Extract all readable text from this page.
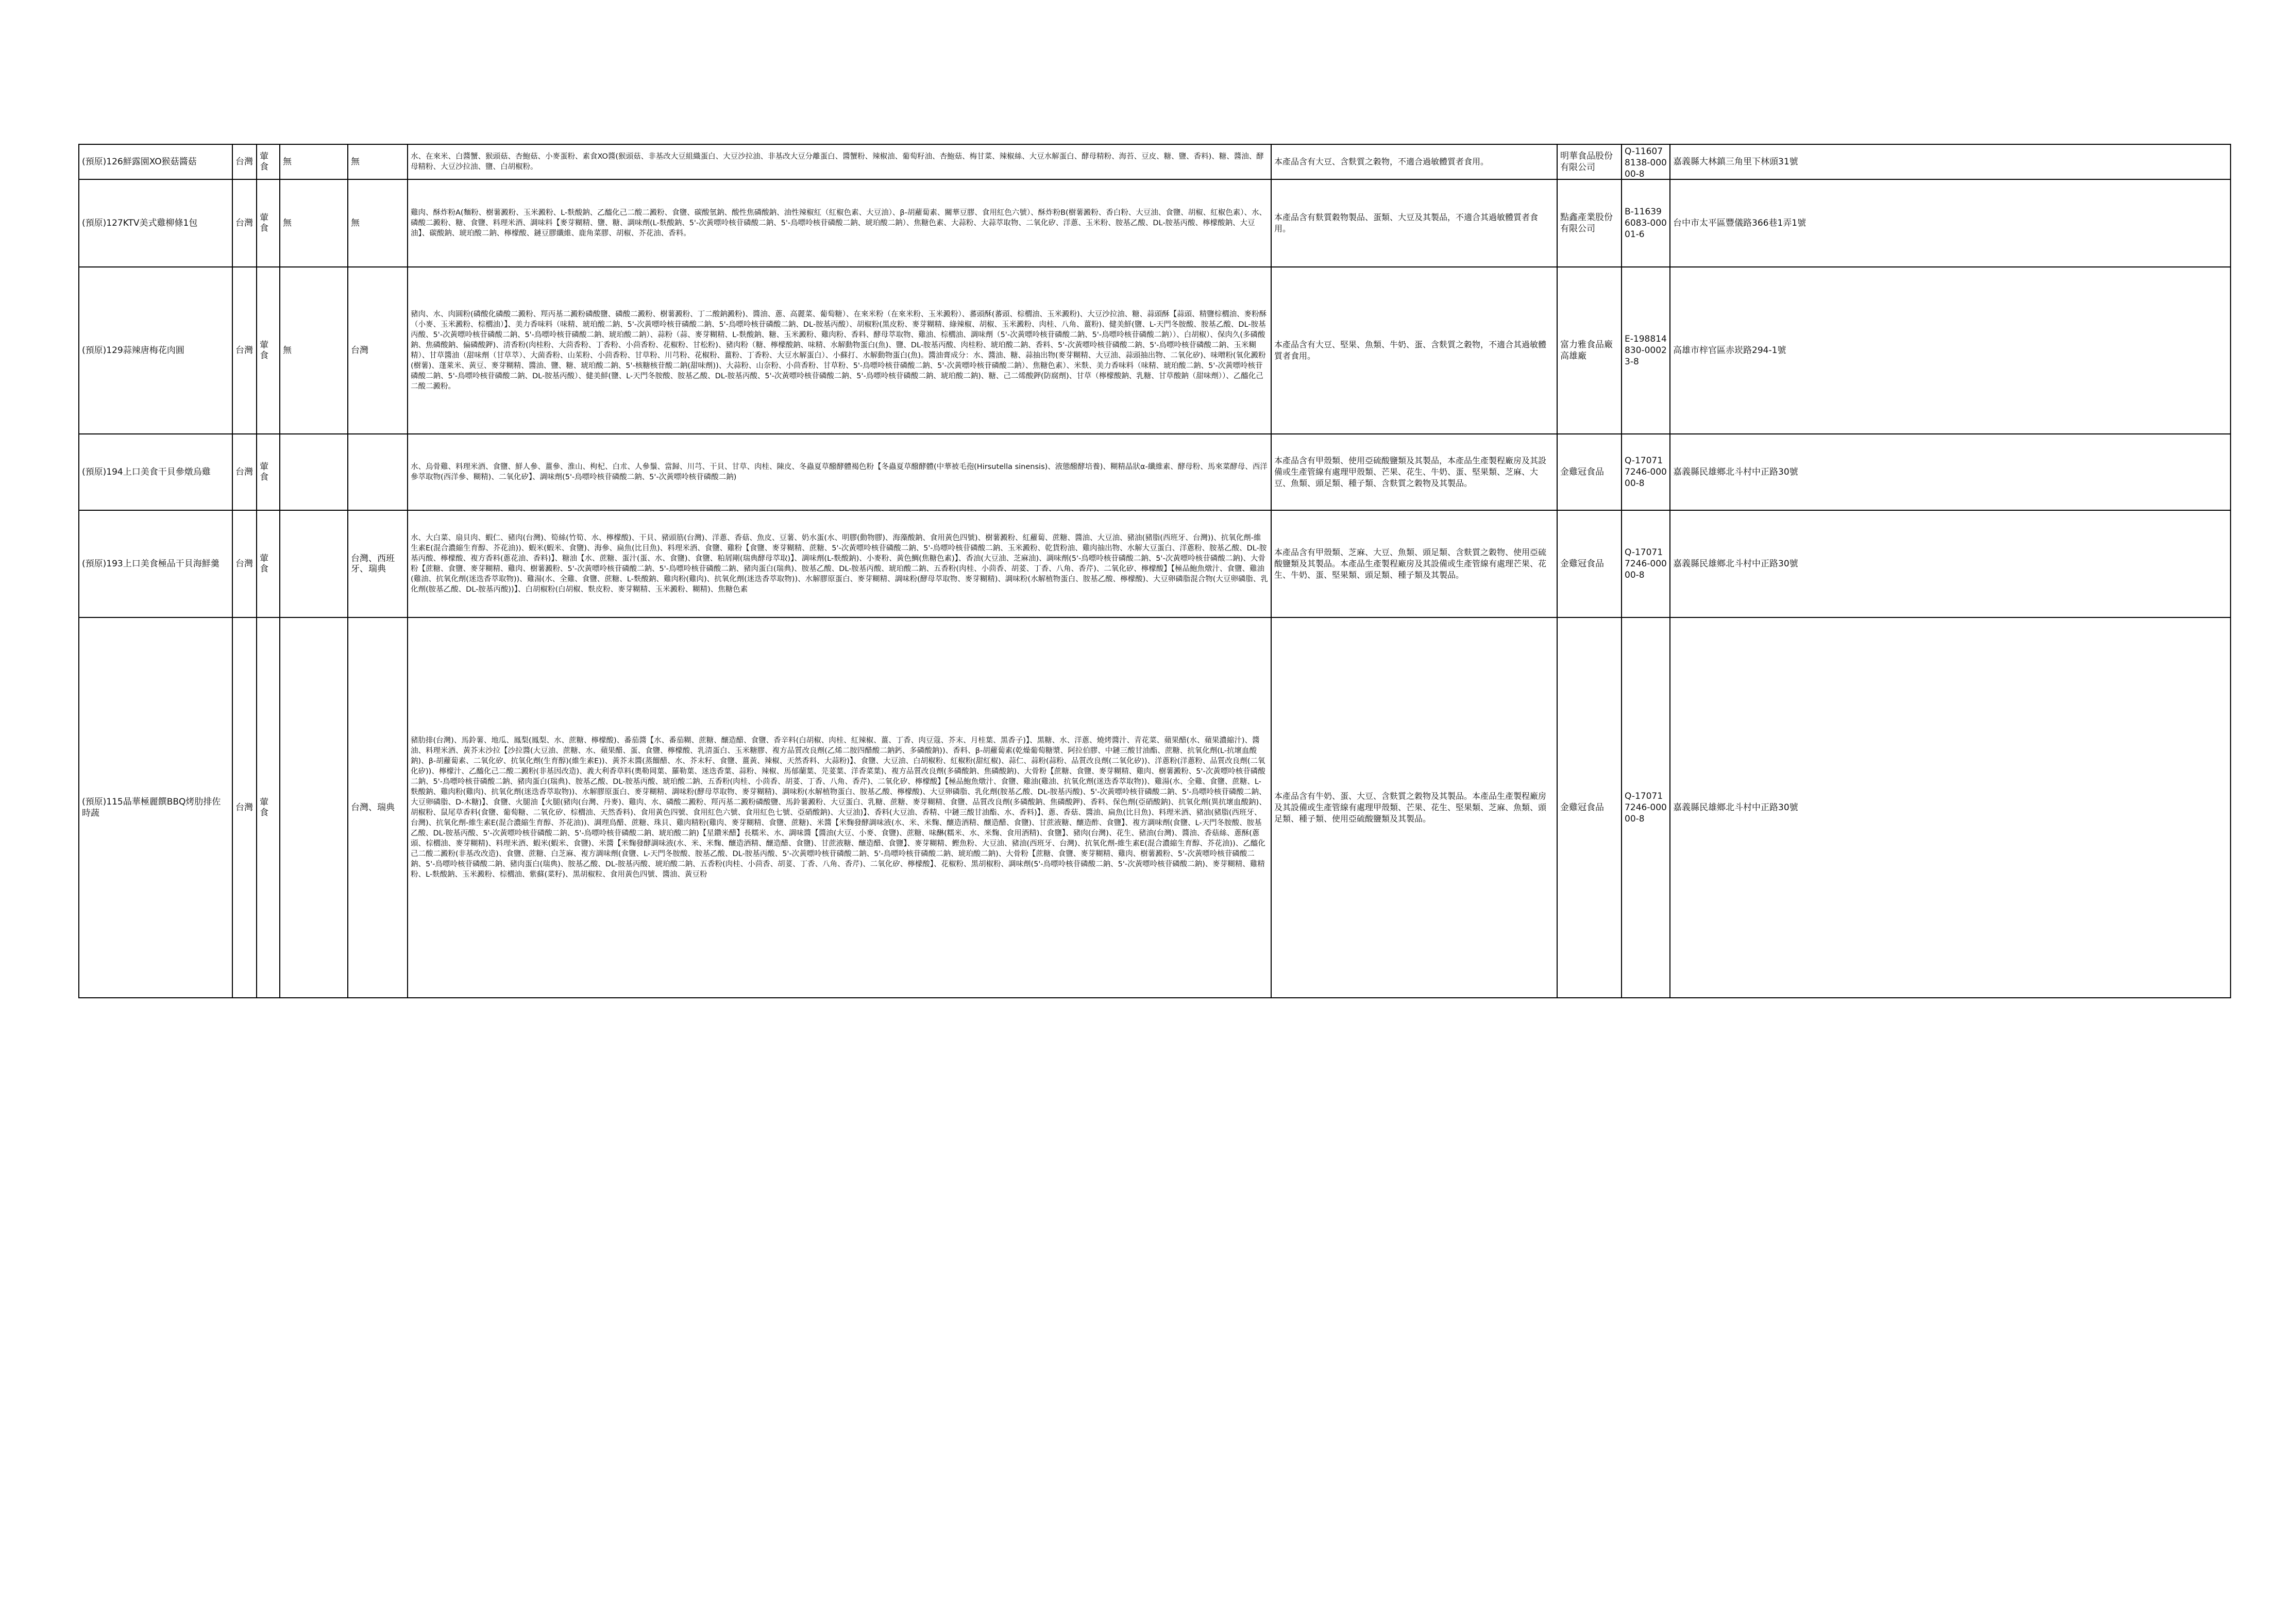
(預原)126鮮露園XO猴菇醬菇	台灣	葷食	無	無	水、在來米、白醬蟹、猴頭菇、杏鮑菇、小麥蛋粉、素食XO醬(猴頭菇、非基改大豆組織蛋白、大豆沙拉油、非基改大豆分離蛋白、醬蟹粉、辣椒油、葡萄籽油、杏鮑菇、梅甘菜、辣椒絲、大豆水解蛋白、酵母精粉、海苔、豆皮、糖、鹽、香料)、糖、醬油、酵母精粉、大豆沙拉油、鹽、白胡椒粉。	本產品含有大豆、含麩質之穀物，不適合過敏體質者食用。	明華食品股份有限公司	Q-116078138-00000-8	嘉義縣大林鎮三角里下林頭31號

(預原)127KTV美式雞柳條1包	台灣	葷食	無	無	雞肉、酥炸粉A(麵粉、樹薯澱粉、玉米澱粉、L-麩酸鈉、乙醯化己二酸二澱粉、食鹽、碳酸氫鈉、酸性焦磷酸鈉、油性辣椒紅（紅椒色素、大豆油）、β-胡蘿蔔素、關華豆膠、食用紅色六號）、酥炸粉B(樹薯澱粉、香白粉、大豆油、食鹽、胡椒、紅椒色素）、水、磷酸二澱粉、糖、食鹽、料理米酒、調味料【麥芽糊精、鹽、糖、調味劑(L-麩酸鈉、5'-次黃嘌呤核苷磷酸二鈉、5'-鳥嘌呤核苷磷酸二鈉、琥珀酸二鈉）、焦糖色素、大蒜粉、大蒜萃取物、二氧化矽、洋蔥、玉米粉、胺基乙酸、DL-胺基丙酸、檸檬酸鈉、大豆油】、碳酸鈉、琥珀酸二鈉、檸檬酸、鏈豆膠纖維、鹿角菜膠、胡椒、芥花油、香料。	本產品含有麩質穀物製品、蛋類、大豆及其製品，不適合其過敏體質者食用。	點鑫產業股份有限公司	B-116396083-00001-6	台中市太平區豐儀路366巷1弄1號

(預原)129蒜辣唐梅花肉圓	台灣	葷食	無	台灣	豬肉、水、肉圓粉(磷酸化磷酸二澱粉、羥丙基二澱粉磷酸鹽、磷酸二澱粉、樹薯澱粉、丁二酸鈉澱粉)、醬油、蔥、高麗菜、葡萄糖）、在來米粉（在來米粉、玉米澱粉）、蕃頭酥(蕃頭、棕櫚油、玉米澱粉)、大豆沙拉油、糖、蒜頭酥【蒜頭、精鹽棕櫚油、麥粉酥（小麥、玉米澱粉、棕櫚油）】、美力香味料（味精、琥珀酸二鈉、5'-次黃嘌呤核苷磷酸二鈉、5'-鳥嘌呤核苷磷酸二鈉、DL-胺基丙酸）、胡椒粉(黑皮粉、麥芽糊精、綠辣椒、胡椒、玉米澱粉、肉桂、八角、薑粉)、健美鮮(鹽、L-天門冬胺酸、胺基乙酸、DL-胺基丙酸、5'-次黃嘌呤核苷磷酸二鈉、5'-鳥嘌呤核苷磷酸二鈉、琥珀酸二鈉）、蒜粉（蒜、麥芽糊精、L-麩酸鈉、糖、玉米澱粉、雞肉粉、香料、酵母萃取物、雞油、棕櫚油、調味劑（5'-次黃嘌呤核苷磷酸二鈉、5'-鳥嘌呤核苷磷酸二鈉））、白胡椒）、保肉久(多磷酸鈉、焦磷酸鈉、偏磷酸鉀)、清香粉(肉桂粉、大茴香粉、丁香粉、小茴香粉、花椒粉、甘松粉)、豬肉粉（糖、檸檬酸鈉、味精、水解動物蛋白(魚)、鹽、DL-胺基丙酸、肉桂粉、琥珀酸二鈉、香料、5'-次黃嘌呤核苷磷酸二鈉、5'-鳥嘌呤核苷磷酸二鈉、玉米糊精）、甘草醬油（甜味劑（甘草萃）、大菌香粉、山茱粉、小茴香粉、甘草粉、川芎粉、花椒粉、薑粉、丁香粉、大豆水解蛋白）、小蘇打、水解動物蛋白(魚)。醬油膏成分：水、醬油、糖、蒜抽出物(麥芽糊精、大豆油、蒜頭抽出物、二氧化矽)、味噌粉(氧化澱粉(樹薯)、蓬萊米、黃豆、麥芽糊精、醬油、鹽、糖、琥珀酸二鈉、5'-核糖核苷酸二鈉(甜味劑))、大蒜粉、山奈粉、小茴香粉、甘草粉、5'-鳥嘌呤核苷磷酸二鈉、5'-次黃嘌呤核苷磷酸二鈉）、焦糖色素）、米麩、美力香味料（味精、琥珀酸二鈉、5'-次黃嘌呤核苷磷酸二鈉、5'-鳥嘌呤核苷磷酸二鈉、DL-胺基丙酸）、健美鮮(鹽、L-天門冬胺酸、胺基乙酸、DL-胺基丙酸、5'-次黃嘌呤核苷磷酸二鈉、5'-鳥嘌呤核苷磷酸二鈉、琥珀酸二鈉)、糖、己二烯酸鉀(防腐劑)、甘草（檸檬酸鈉、乳糖、甘草酸鈉（甜味劑））、乙醯化己二酸二澱粉。	本產品含有大豆、堅果、魚類、牛奶、蛋、含麩質之穀物，不適合其過敏體質者食用。	富力雅食品廠 高雄廠	E-198814830-00023-8	高雄市梓官區赤崁路294-1號

(預原)194上口美食干貝參燉烏雞	台灣	葷食			水、烏骨雞、料理米酒、食鹽、鮮人參、薑參、淮山、枸杞、白朮、人參鬚、當歸、川芎、干貝、甘草、肉桂、陳皮、冬蟲夏草醱酵體褐色粉【冬蟲夏草醱酵體(中華被毛孢(Hirsutella sinensis)、液態醱酵培養)、糊精晶狀α-纖維素、酵母粉、馬來菜酵母、西洋參萃取物(西洋參、糊精)、二氧化矽】、調味劑(5'-鳥嘌呤核苷磷酸二鈉、5'-次黃嘌呤核苷磷酸二鈉)	本產品含有甲殼類、使用亞硫酸鹽類及其製品，本產品生產製程廠房及其設備或生產管線有處理甲殼類、芒果、花生、牛奶、蛋、堅果類、芝麻、大豆、魚類、頭足類、種子類、含麩質之穀物及其製品。	金雞冠食品	Q-170717246-00000-8	嘉義縣民雄鄉北斗村中正路30號

(預原)193上口美食極品干貝海鮮羹	台灣	葷食		台灣、西班牙、瑞典	水、大白菜、扇貝肉、蝦仁、豬肉(台灣)、筍絲(竹筍、水、檸檬酸)、干貝、豬頭筋(台灣)、洋蔥、香菇、魚皮、豆薯、奶水蛋(水、明膠(動物膠)、海藻酸鈉、食用黃色四號)、樹薯澱粉、紅蘿蔔、蔗糖、醬油、大豆油、豬油(豬脂(西班牙、台灣))、抗氧化劑-維生素E(混合濃縮生育醇、芥花油))、蝦米(蝦米、食鹽)、海參、扁魚(比目魚)、料理米酒、食鹽、雞粉【食鹽、麥芽糊精、蔗糖、5'-次黃嘌呤核苷磷酸二鈉、5'-鳥嘌呤核苷磷酸二鈉、玉米澱粉、乾貨粉油、雞肉抽出物、水解大豆蛋白、洋蔥粉、胺基乙酸、DL-胺基丙酸、檸檬酸、複方香料(蔥花油、香料)】、糖油【水、蔗糖、蛋汁(蛋、水、食鹽)、食鹽、粕屑剛(瑞典酵母萃取)】、調味劑(L-麩酸鈉)、小麥粉、黃色鯛(焦糖色素)】、香油(大豆油、芝麻油)、調味劑(5'-鳥嘌呤核苷磷酸二鈉、5'-次黃嘌呤核苷磷酸二鈉)、大骨粉【蔗糖、食鹽、麥芽糊精、雞肉、樹薯澱粉、5'-次黃嘌呤核苷磷酸二鈉、5'-鳥嘌呤核苷磷酸二鈉、豬肉蛋白(瑞典)、胺基乙酸、DL-胺基丙酸、琥珀酸二鈉、五香粉(肉桂、小茴香、胡荽、丁香、八角、香芹)、二氧化矽、檸檬酸】【極品鮑魚燉汁、食鹽、雞油(雞油、抗氧化劑(迷迭香萃取物))、雞湯(水、全雞、食鹽、蔗糖、L-麩酸鈉、雞肉粉(雞肉)、抗氧化劑(迷迭香萃取物))、水解膠原蛋白、麥芽糊精、調味粉(酵母萃取物、麥芽糊精)、調味粉(水解植物蛋白、胺基乙酸、檸檬酸)、大豆卵磷脂混合物(大豆卵磷脂、乳化劑(胺基乙酸、DL-胺基丙酸))】、白胡椒粉(白胡椒、麩皮粉、麥芽糊精、玉米澱粉、糊精)、焦糖色素	本產品含有甲殼類、芝麻、大豆、魚類、頭足類、含麩質之穀物、使用亞硫酸鹽類及其製品。本產品生產製程廠房及其設備或生產管線有處理芒果、花生、牛奶、蛋、堅果類、頭足類、種子類及其製品。	金雞冠食品	Q-170717246-00000-8	嘉義縣民雄鄉北斗村中正路30號

(預原)115晶華極麗饌BBQ烤肋排佐時蔬	台灣	葷食		台灣、瑞典	豬肋排(台灣)、馬鈴薯、地瓜、鳳梨(鳳梨、水、蔗糖、檸檬酸)、番茄醬【水、番茄糊、蔗糖、釀造醋、食鹽、香辛料(白胡椒、肉桂、紅辣椒、薑、丁香、肉豆蔻、芥末、月桂葉、黑香子)】、黑糖、水、洋蔥、燒烤醬汁、青花菜、蘋果醋(水、蘋果濃縮汁)、醬油、料理米酒、黃芥末沙拉【沙拉醬(大豆油、蔗糖、水、蘋果醋、蛋、食鹽、檸檬酸、乳清蛋白、玉米糖膠、複方品質改良劑(乙烯二胺四醋酸二鈉鈣、多磷酸鈉))、香料、β-胡蘿蔔素(乾燥葡萄糖漿、阿拉伯膠、中鏈三酸甘油酯、蔗糖、抗氧化劑(L-抗壞血酸鈉)、β-胡蘿蔔素、二氧化矽、抗氧化劑(生育醇)(維生素E))、黃芥末醬(蒸餾醋、水、芥末籽、食鹽、薑黃、辣椒、天然香料、大蒜粉)】、食鹽、大豆油、白胡椒粉、紅椒粉(甜紅椒)、蒜仁、蒜粉(蒜粉、品質改良劑(二氧化矽))、洋蔥粉(洋蔥粉、品質改良劑(二氧化矽))、檸檬汁、乙醯化己二酸二澱粉(非基因改造)、義大利香草料(奧勒岡葉、羅勒葉、迷迭香葉、蒜粉、辣椒、馬郁蘭葉、芫荽葉、洋香菜葉)、複方品質改良劑(多磷酸鈉、焦磷酸鈉)、大骨粉【蔗糖、食鹽、麥芽糊精、雞肉、樹薯澱粉、5'-次黃嘌呤核苷磷酸二鈉、5'-鳥嘌呤核苷磷酸二鈉、豬肉蛋白(瑞典)、胺基乙酸、DL-胺基丙酸、琥珀酸二鈉、五香粉(肉桂、小茴香、胡荽、丁香、八角、香芹)、二氧化矽、檸檬酸】【極品鮑魚燉汁、食鹽、雞油(雞油、抗氧化劑(迷迭香萃取物))、雞湯(水、全雞、食鹽、蔗糖、L-麩酸鈉、雞肉粉(雞肉)、抗氧化劑(迷迭香萃取物))、水解膠原蛋白、麥芽糊精、調味粉(酵母萃取物、麥芽糊精)、調味粉(水解植物蛋白、胺基乙酸、檸檬酸)、大豆卵磷脂、乳化劑(胺基乙酸、DL-胺基丙酸)、5'-次黃嘌呤核苷磷酸二鈉、5'-鳥嘌呤核苷磷酸二鈉、大豆卵磷脂、D-木糖)】、食鹽、火腿油【火腿(豬肉(台灣、丹麥)、雞肉、水、磷酸二澱粉、羥丙基二澱粉磷酸鹽、馬鈴薯澱粉、大豆蛋白、乳糖、蔗糖、麥芽糊精、食鹽、品質改良劑(多磷酸鈉、焦磷酸鉀)、香料、保色劑(亞硝酸鈉)、抗氧化劑(異抗壞血酸鈉)、胡椒粉、鼠尾草香料(食鹽、葡萄糖、二氧化矽、棕櫚油、天然香料)、食用黃色四號、食用紅色六號、食用紅色七號、亞硝酸鈉)、大豆油)】、香料(大豆油、香精、中鏈三酸甘油酯、水、香料)】、蔥、香菇、醬油、扁魚(比目魚)、料理米酒、豬油(豬脂(西班牙、台灣)、抗氧化劑-維生素E(混合濃縮生育醇、芥花油))、調理鳥醋、蔗糖、珠貝、雞肉精粉(雞肉、麥芽糊精、食鹽、蔗糖)、米醬【米麴發酵調味液(水、米、米麴、釀造酒精、釀造醋、食鹽)、甘蔗液糖、釀造酢、食鹽】、複方調味劑(食鹽、L-天門冬胺酸、胺基乙酸、DL-胺基丙酸、5'-次黃嘌呤核苷磷酸二鈉、5'-鳥嘌呤核苷磷酸二鈉、琥珀酸二鈉)【星鑽米醋】長糯米、水、調味醬【醬油(大豆、小麥、食鹽)、蔗糖、味醂(糯米、水、米麴、食用酒精)、食鹽】、豬肉(台灣)、花生、豬油(台灣)、醬油、香菇絲、蔥酥(蔥頭、棕櫚油、麥芽糊精)、料理米酒、蝦米(蝦米、食鹽)、米醬【米麴發酵調味液(水、米、米麴、釀造酒精、釀造醋、食鹽)、甘蔗液糖、釀造醋、食鹽】、麥芽糊精、鰹魚粉、大豆油、豬油(西班牙、台灣)、抗氧化劑-維生素E(混合濃縮生育醇、芥花油))、乙醯化己二酸二澱粉(非基改改造)、食鹽、蔗糖、白芝麻、複方調味劑(食鹽、L-天門冬胺酸、胺基乙酸、DL-胺基丙酸、5'-次黃嘌呤核苷磷酸二鈉、5'-鳥嘌呤核苷磷酸二鈉、琥珀酸二鈉)、大骨粉【蔗糖、食鹽、麥芽糊精、雞肉、樹薯澱粉、5'-次黃嘌呤核苷磷酸二鈉、5'-鳥嘌呤核苷磷酸二鈉、豬肉蛋白(瑞典)、胺基乙酸、DL-胺基丙酸、琥珀酸二鈉、五香粉(肉桂、小茴香、胡荽、丁香、八角、香芹)、二氧化矽、檸檬酸】、花椒粉、黑胡椒粉、調味劑(5'-鳥嘌呤核苷磷酸二鈉、5'-次黃嘌呤核苷磷酸二鈉)、麥芽糊精、雞精粉、L-麩酸鈉、玉米澱粉、棕櫚油、紫蘇(菜籽)、黑胡椒粒、食用黃色四號、醬油、黃豆粉	本產品含有牛奶、蛋、大豆、含麩質之穀物及其製品。本產品生產製程廠房及其設備或生產管線有處理甲殼類、芒果、花生、堅果類、芝麻、魚類、頭足類、種子類、使用亞硫酸鹽類及其製品。	金雞冠食品	Q-170717246-00000-8	嘉義縣民雄鄉北斗村中正路30號
